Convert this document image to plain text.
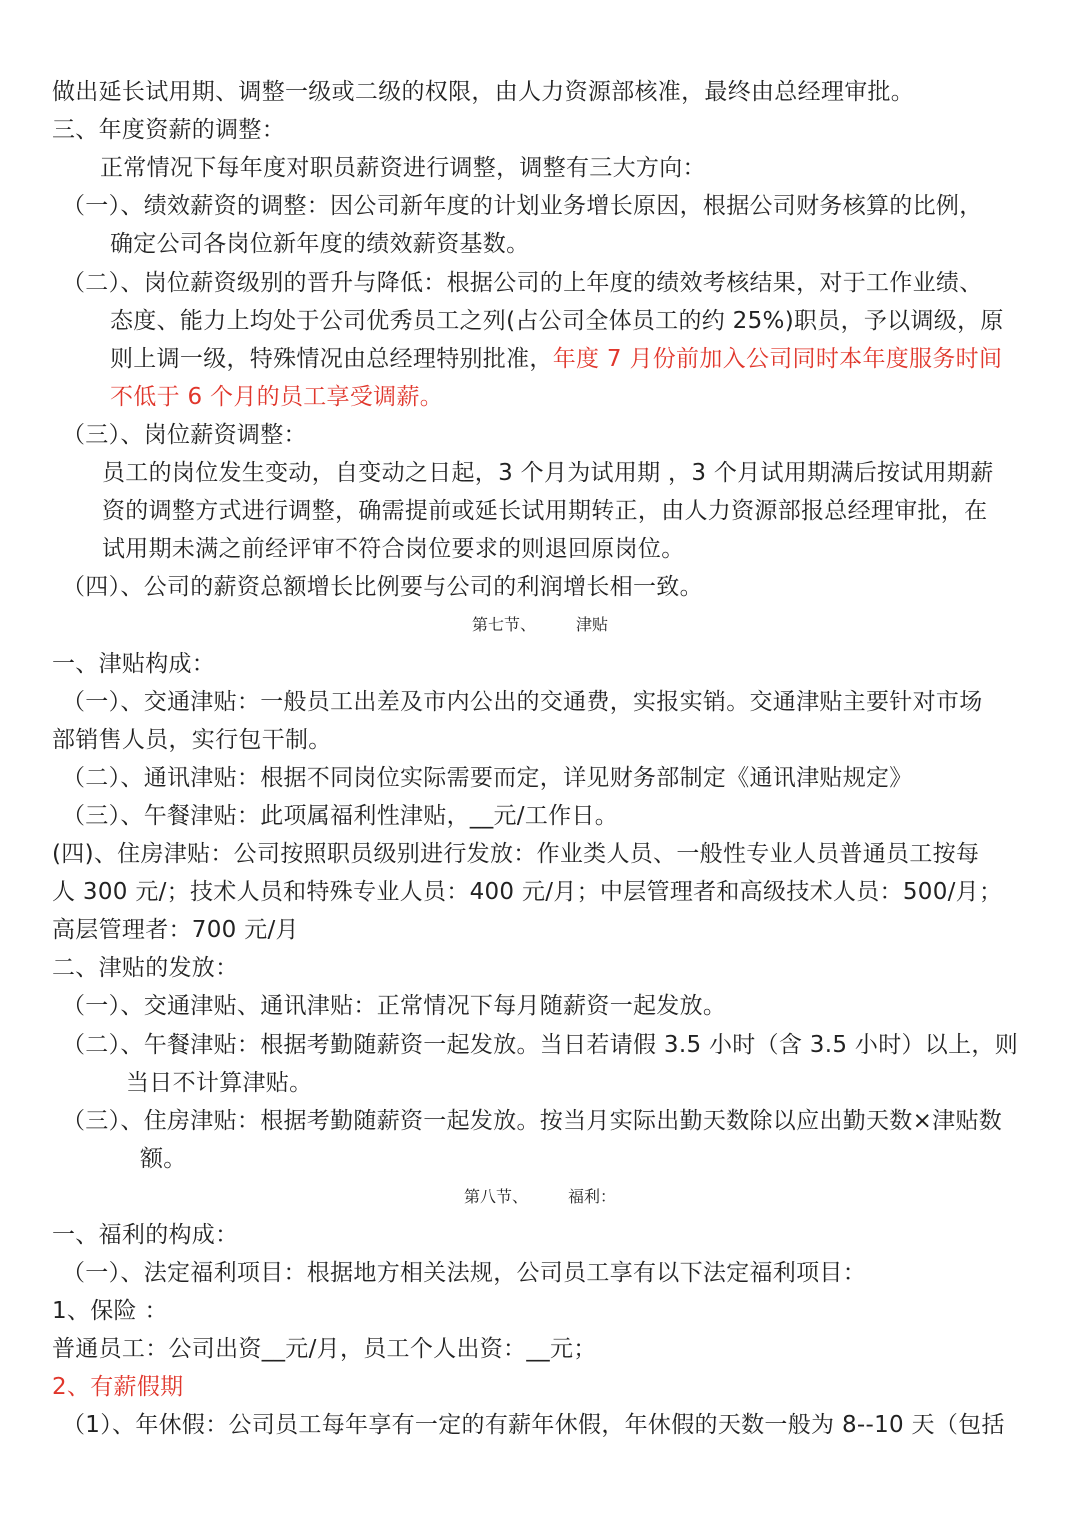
做出延长试用期、调整一级或二级的权限，由人力资源部核准，最终由总经理审批。

三、年度资薪的调整：

正常情况下每年度对职员薪资进行调整，调整有三大方向：

（一）、绩效薪资的调整：因公司新年度的计划业务增长原因，根据公司财务核算的比例，

确定公司各岗位新年度的绩效薪资基数。

（二）、岗位薪资级别的晋升与降低：根据公司的上年度的绩效考核结果，对于工作业绩、

态度、能力上均处于公司优秀员工之列(占公司全体员工的约 25%)职员，予以调级，原

则上调一级，特殊情况由总经理特别批准，年度 7 月份前加入公司同时本年度服务时间

不低于 6 个月的员工享受调薪。

（三）、岗位薪资调整：

员工的岗位发生变动，自变动之日起，3 个月为试用期 ，3 个月试用期满后按试用期薪

资的调整方式进行调整，确需提前或延长试用期转正，由人力资源部报总经理审批，在

试用期未满之前经评审不符合岗位要求的则退回原岗位。

（四）、公司的薪资总额增长比例要与公司的利润增长相一致。

第七节、　　　津贴

一、津贴构成：

（一）、交通津贴：一般员工出差及市内公出的交通费，实报实销。交通津贴主要针对市场

部销售人员，实行包干制。

（二）、通讯津贴：根据不同岗位实际需要而定，详见财务部制定《通讯津贴规定》

（三）、午餐津贴：此项属福利性津贴，__元/工作日。

(四)、住房津贴：公司按照职员级别进行发放：作业类人员、一般性专业人员普通员工按每

人 300 元/；技术人员和特殊专业人员：400 元/月；中层管理者和高级技术人员：500/月；

高层管理者：700 元/月

二、津贴的发放：

（一）、交通津贴、通讯津贴：正常情况下每月随薪资一起发放。

（二）、午餐津贴：根据考勤随薪资一起发放。当日若请假 3.5 小时（含 3.5 小时）以上，则

当日不计算津贴。

（三）、住房津贴：根据考勤随薪资一起发放。按当月实际出勤天数除以应出勤天数×津贴数

额。

第八节、　　　福利：

一、福利的构成：

（一）、法定福利项目：根据地方相关法规，公司员工享有以下法定福利项目：

1、保险 ：

普通员工：公司出资__元/月，员工个人出资：__元；

2、有薪假期

（1）、年休假：公司员工每年享有一定的有薪年休假，年休假的天数一般为 8--10 天（包括
